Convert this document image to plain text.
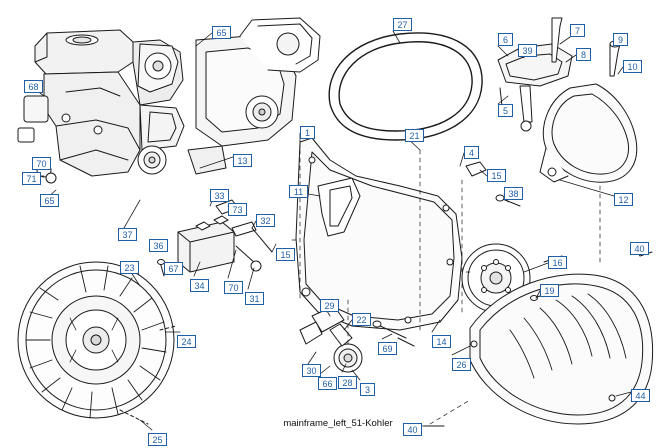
65
27
6
7
39	8
9
10
68
5
1	21
4
13
70
71	15
38
65
11
12
33
73
32
37
36
15
16
40
23	67
34	70
31
19
29
22
24	14
69
26
30
66	28
3
44
25
40
mainframe_left_51-Kohler
